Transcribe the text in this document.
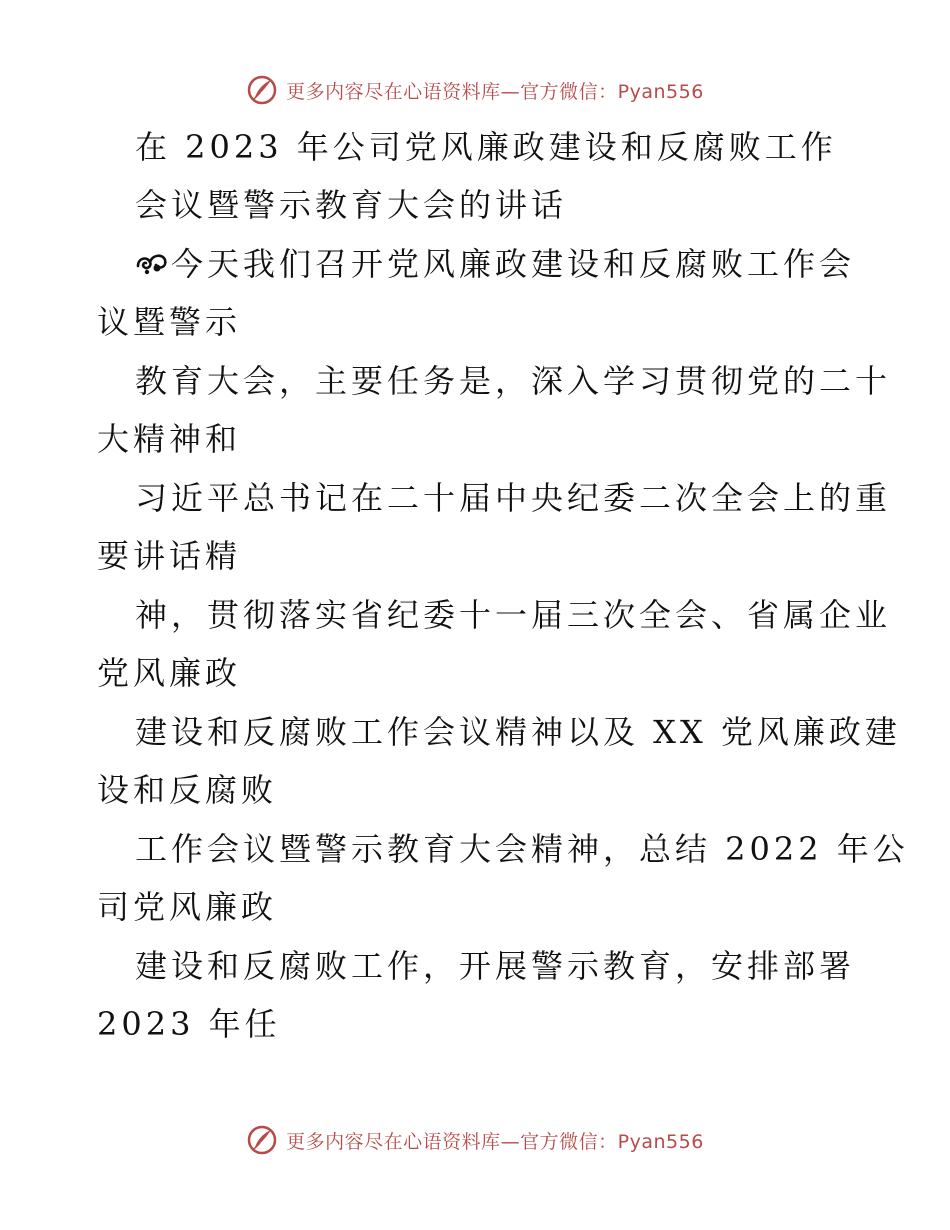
更多内容尽在心语资料库—官方微信：Pyan556
在 2023 年公司党风廉政建设和反腐败工作
会议暨警示教育大会的讲话
今天我们召开党风廉政建设和反腐败工作会
议暨警示
教育大会，主要任务是，深入学习贯彻党的二十
大精神和
习近平总书记在二十届中央纪委二次全会上的重
要讲话精
神，贯彻落实省纪委十一届三次全会、省属企业
党风廉政
建设和反腐败工作会议精神以及 XX 党风廉政建
设和反腐败
工作会议暨警示教育大会精神，总结 2022 年公
司党风廉政
建设和反腐败工作，开展警示教育，安排部署
2023 年任
更多内容尽在心语资料库—官方微信：Pyan556
